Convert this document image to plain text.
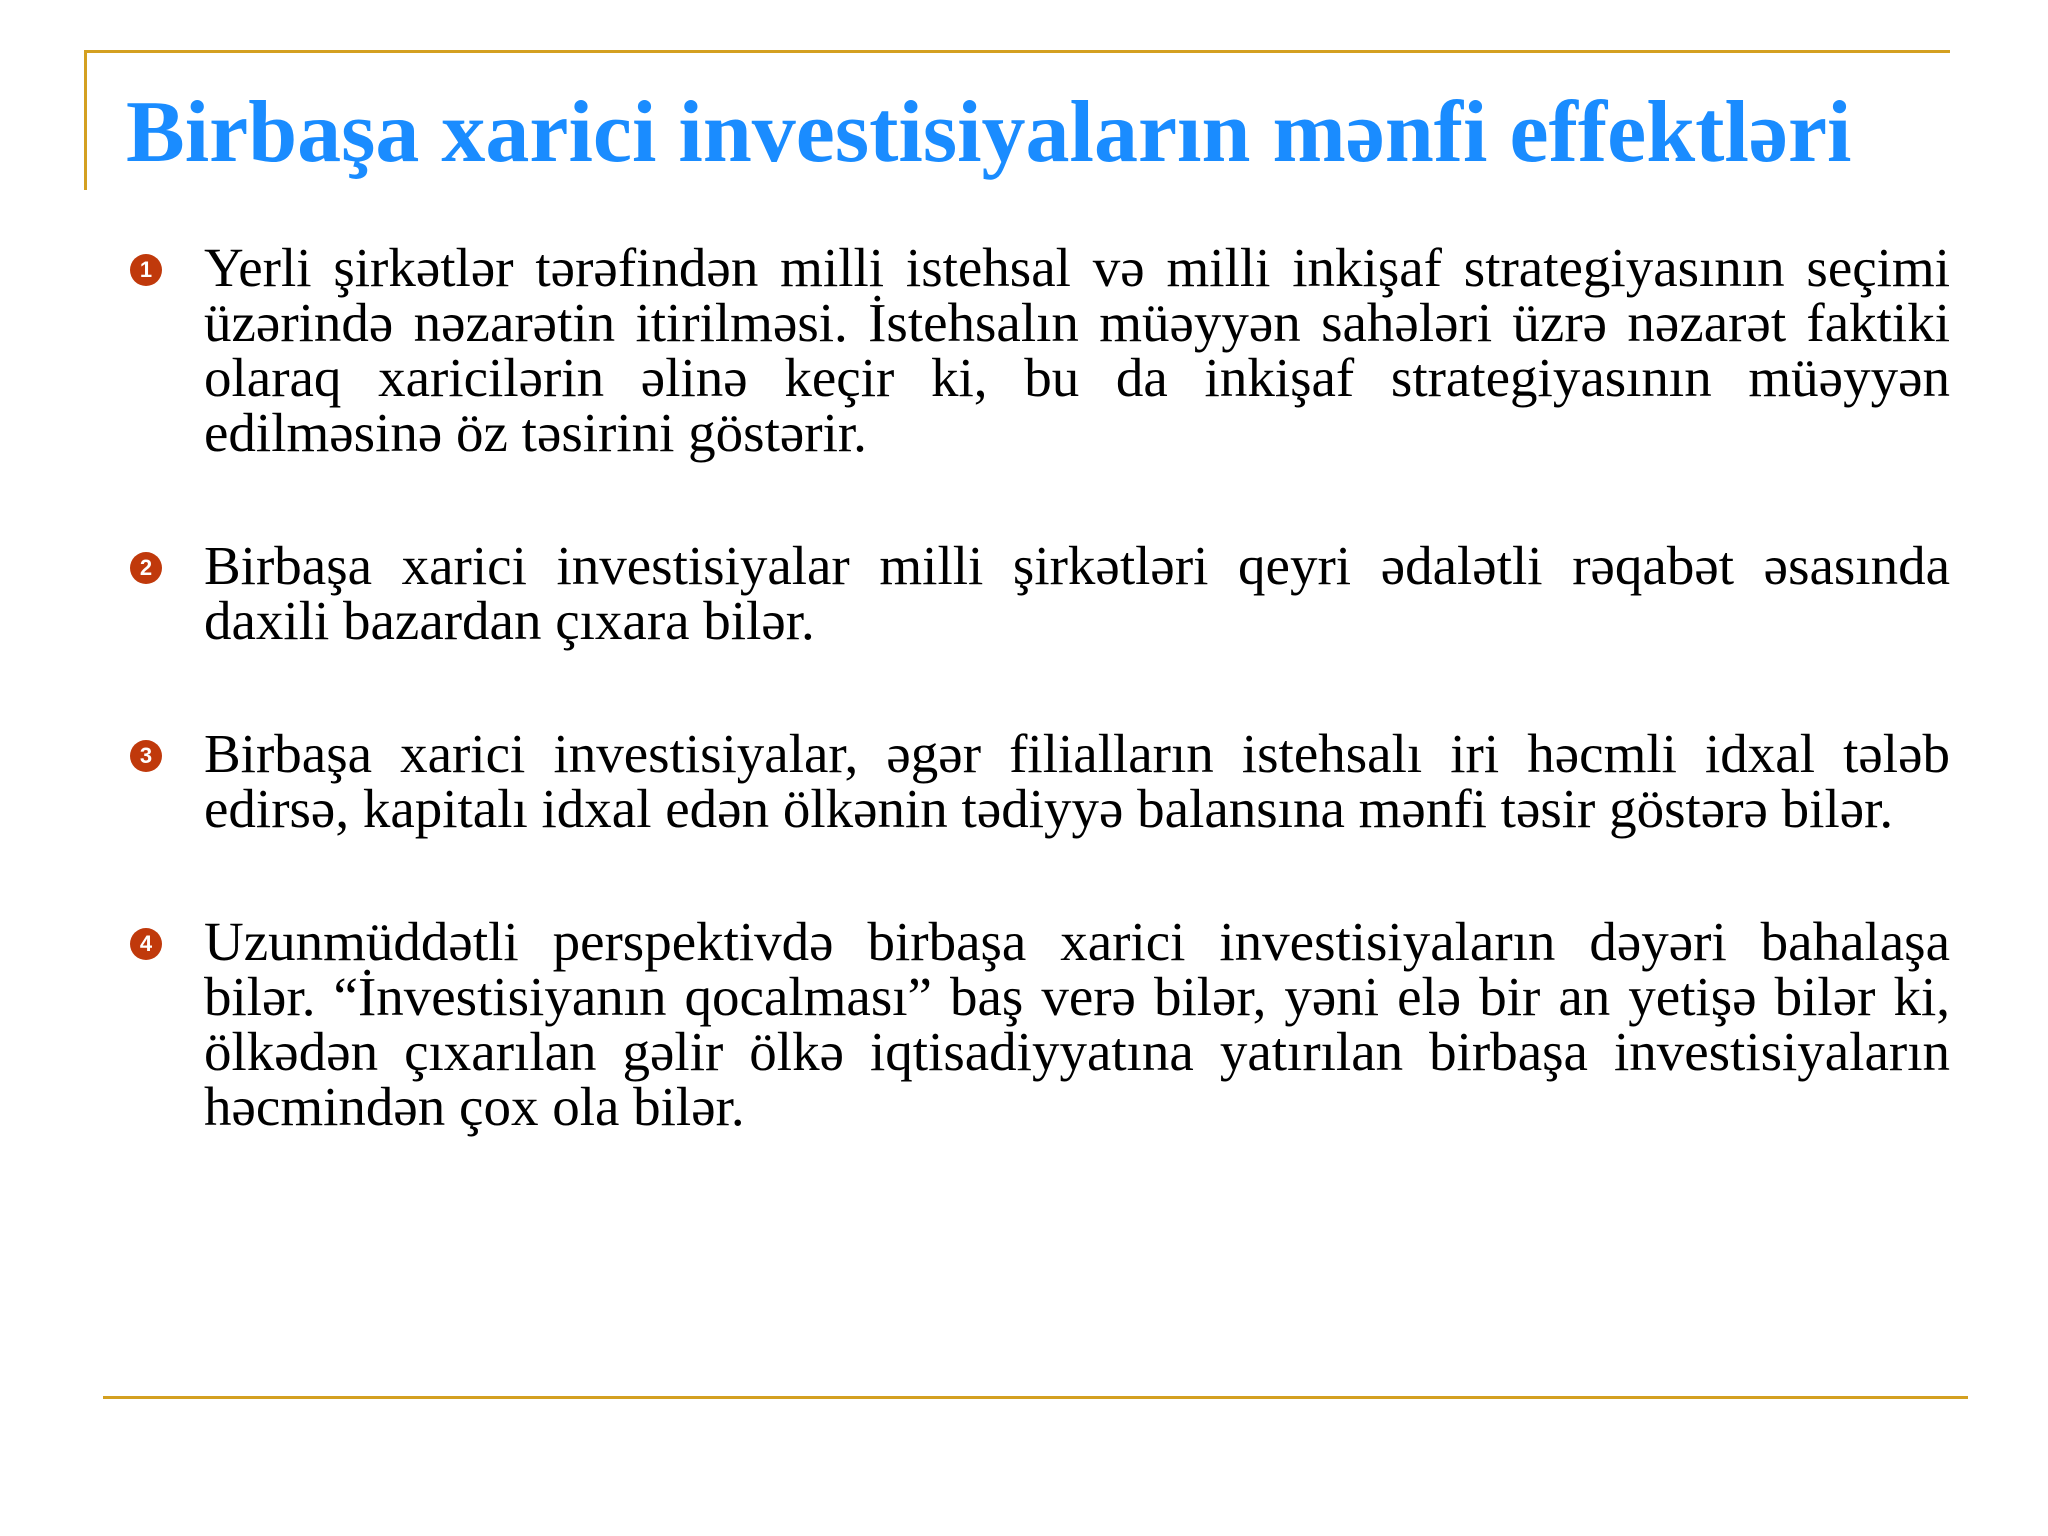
Birbaşa xarici investisiyaların mənfi effektləri
1 Yerli şirkətlər tərəfindən milli istehsal və milli inkişaf strategiyasının seçimi üzərində nəzarətin itirilməsi. İstehsalın müəyyən sahələri üzrə nəzarət faktiki olaraq xaricilərin əlinə keçir ki, bu da inkişaf strategiyasının müəyyən edilməsinə öz təsirini göstərir.

2 Birbaşa xarici investisiyalar milli şirkətləri qeyri ədalətli rəqabət əsasında daxili bazardan çıxara bilər.

3 Birbaşa xarici investisiyalar, əgər filialların istehsalı iri həcmli idxal tələb edirsə, kapitalı idxal edən ölkənin tədiyyə balansına mənfi təsir göstərə bilər.

4 Uzunmüddətli perspektivdə birbaşa xarici investisiyaların dəyəri bahalaşa bilər. “İnvestisiyanın qocalması” baş verə bilər, yəni elə bir an yetişə bilər ki, ölkədən çıxarılan gəlir ölkə iqtisadiyyatına yatırılan birbaşa investisiyaların həcmindən çox ola bilər.
